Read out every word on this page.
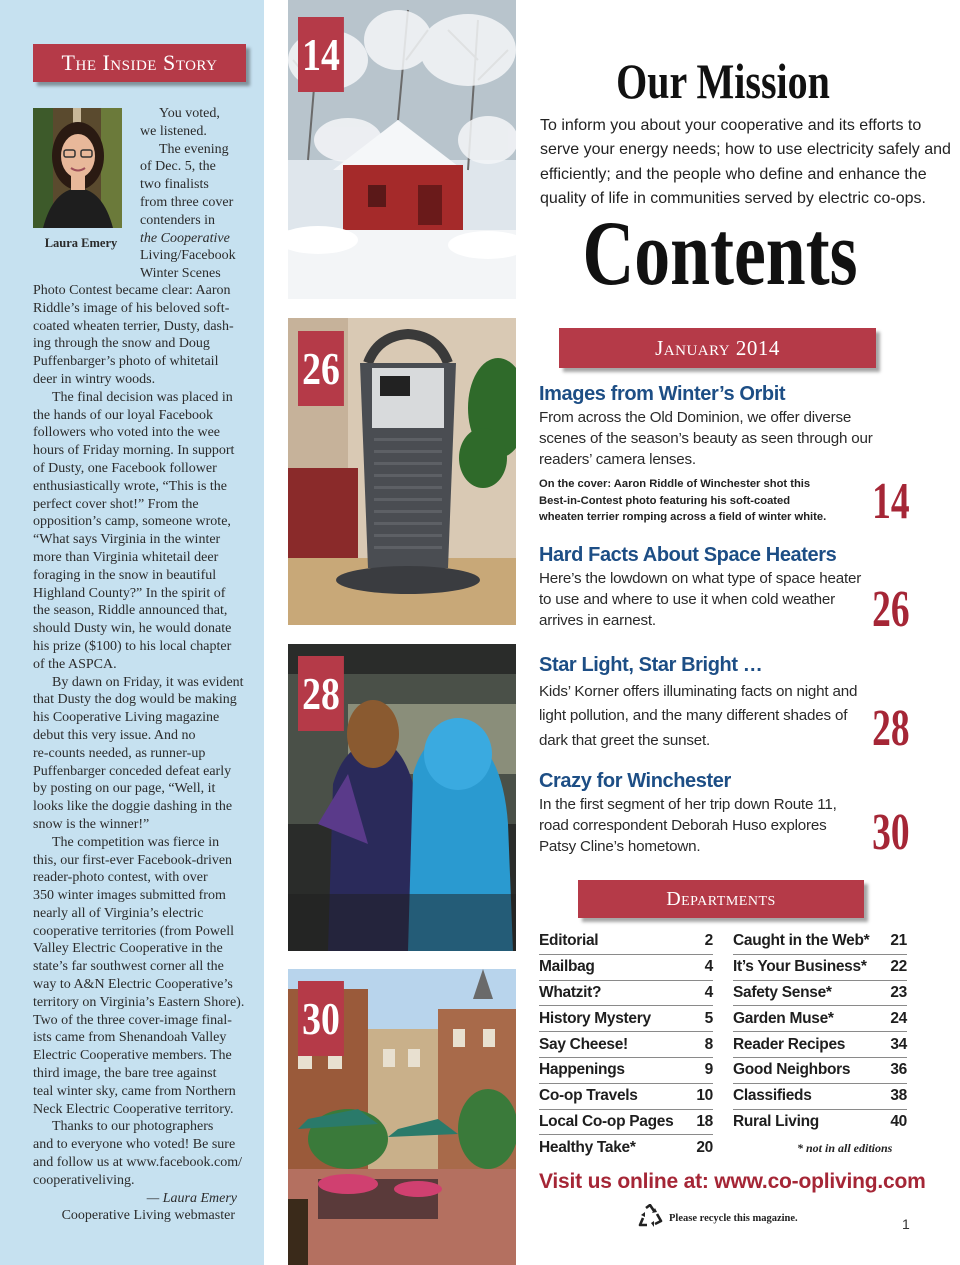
The Inside Story
Laura Emery
You voted,
we listened.
The evening
of Dec. 5, the
two finalists
from three cover
contenders in
the Cooperative
Living/Facebook
Winter Scenes
Photo Contest became clear: Aaron
Riddle’s image of his beloved soft-
coated wheaten terrier, Dusty, dash-
ing through the snow and Doug
Puffenbarger’s photo of whitetail
deer in wintry woods.
The final decision was placed in
the hands of our loyal Facebook
followers who voted into the wee
hours of Friday morning. In support
of Dusty, one Facebook follower
enthusiastically wrote, “This is the
perfect cover shot!” From the
opposition’s camp, someone wrote,
“What says Virginia in the winter
more than Virginia whitetail deer
foraging in the snow in beautiful
Highland County?” In the spirit of
the season, Riddle announced that,
should Dusty win, he would donate
his prize ($100) to his local chapter
of the ASPCA.
By dawn on Friday, it was evident
that Dusty the dog would be making
his Cooperative Living magazine
debut this very issue. And no
re-counts needed, as runner-up
Puffenbarger conceded defeat early
by posting on our page, “Well, it
looks like the doggie dashing in the
snow is the winner!”
The competition was fierce in
this, our first-ever Facebook-driven
reader-photo contest, with over
350 winter images submitted from
nearly all of Virginia’s electric
cooperative territories (from Powell
Valley Electric Cooperative in the
state’s far southwest corner all the
way to A&N Electric Cooperative’s
territory on Virginia’s Eastern Shore).
Two of the three cover-image final-
ists came from Shenandoah Valley
Electric Cooperative members. The
third image, the bare tree against
teal winter sky, came from Northern
Neck Electric Cooperative territory.
Thanks to our photographers
and to everyone who voted! Be sure
and follow us at www.facebook.com/
cooperativeliving.
— Laura Emery
Cooperative Living webmaster
14
26
28
30
Our Mission
To inform you about your cooperative and its efforts to
serve your energy needs; how to use electricity safely and
efficiently; and the people who define and enhance the
quality of life in communities served by electric co-ops.
Contents
January 2014
Images from Winter’s Orbit
From across the Old Dominion, we offer diverse
scenes of the season’s beauty as seen through our
readers’ camera lenses.
On the cover: Aaron Riddle of Winchester shot this
Best-in-Contest photo featuring his soft-coated
wheaten terrier romping across a field of winter white. 14
Hard Facts About Space Heaters
Here’s the lowdown on what type of space heater
to use and where to use it when cold weather
arrives in earnest.	26
Star Light, Star Bright …
Kids’ Korner offers illuminating facts on night and
light pollution, and the many different shades of
dark that greet the sunset.	28
Crazy for Winchester
In the first segment of her trip down Route 11,
road correspondent Deborah Huso explores
Patsy Cline’s hometown.	30
Departments
Editorial	2
Mailbag	4
Whatzit?	4
History Mystery	5
Say Cheese!	8
Happenings	9
Co-op Travels	10
Local Co-op Pages 18
Healthy Take*	20
Caught in the Web* 21
It’s Your Business* 22
Safety Sense*	23
Garden Muse*	24
Reader Recipes	34
Good Neighbors	36
Classifieds	38
Rural Living	40
* not in all editions
Visit us online at: www.co-opliving.com
Please recycle this magazine.	1
